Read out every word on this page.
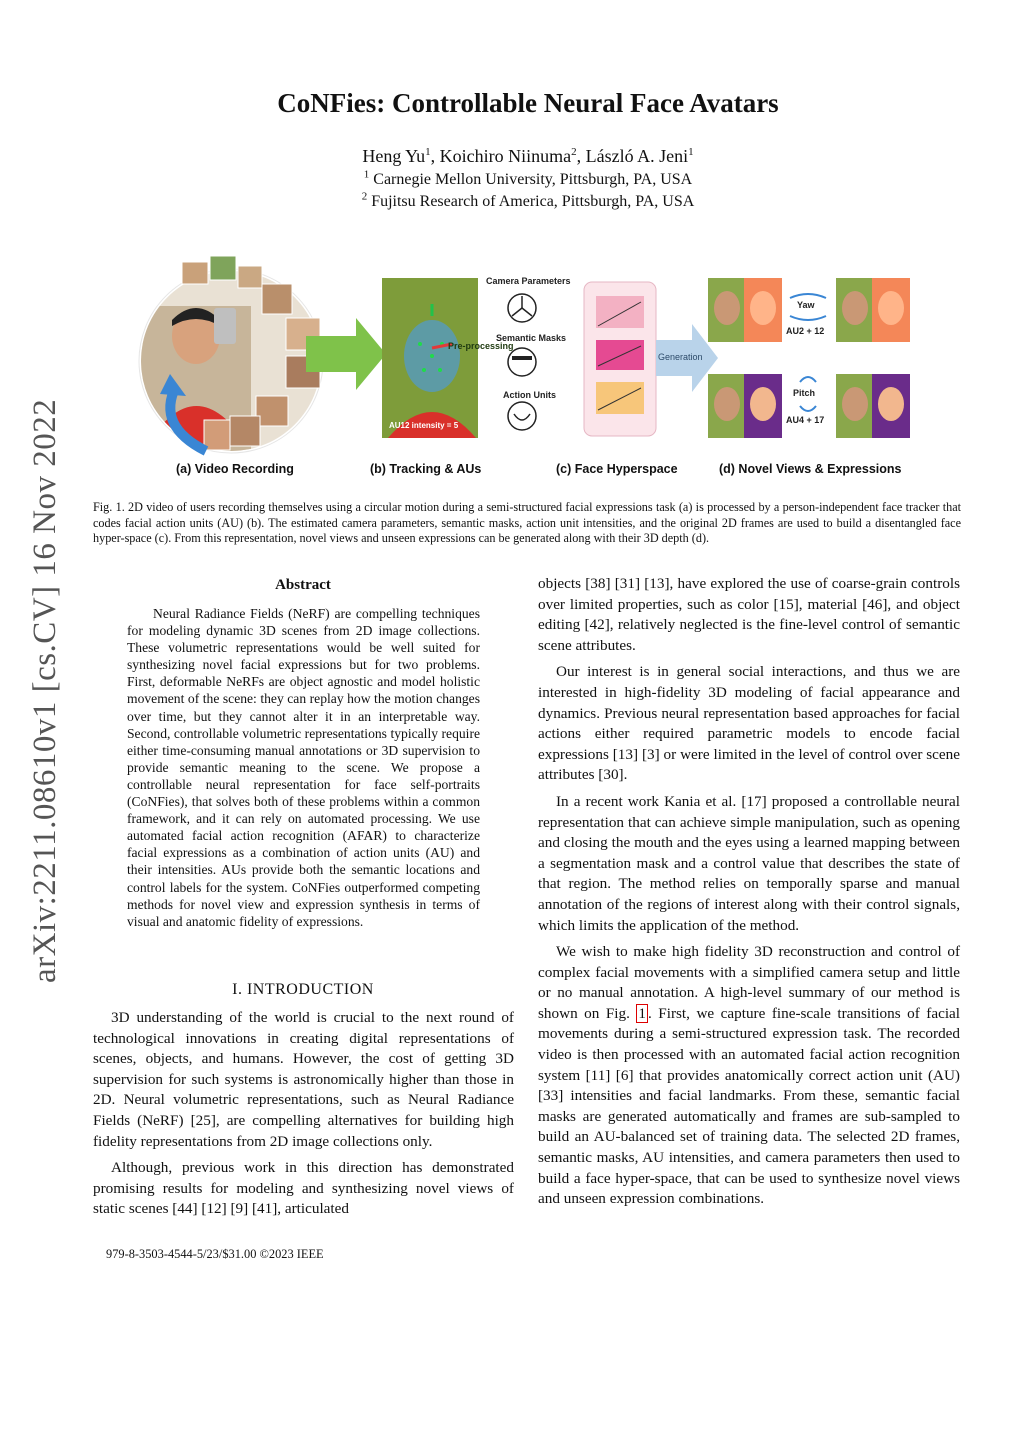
arXiv:2211.08610v1 [cs.CV] 16 Nov 2022
CoNFies: Controllable Neural Face Avatars
Heng Yu$^1$, Koichiro Niinuma$^2$, László A. Jeni$^1$
$^1$ Carnegie Mellon University, Pittsburgh, PA, USA
$^2$ Fujitsu Research of America, Pittsburgh, PA, USA
Pre-processing
Generation
Camera Parameters
Semantic Masks
Action Units
AU12 intensity = 5
Yaw
AU2 + 12
Pitch
AU4 + 17
(a) Video Recording	(b) Tracking & AUs	(c) Face Hyperspace	(d) Novel Views & Expressions
Fig. 1. 2D video of users recording themselves using a circular motion during a semi-structured facial expressions task (a) is processed by a person-independent face tracker that codes facial action units (AU) (b). The estimated camera parameters, semantic masks, action unit intensities, and the original 2D frames are used to build a disentangled face hyper-space (c). From this representation, novel views and unseen expressions can be generated along with their 3D depth (d).
Abstract

Neural Radiance Fields (NeRF) are compelling techniques for modeling dynamic 3D scenes from 2D image collections. These volumetric representations would be well suited for synthesizing novel facial expressions but for two problems. First, deformable NeRFs are object agnostic and model holistic movement of the scene: they can replay how the motion changes over time, but they cannot alter it in an interpretable way. Second, controllable volumetric representations typically require either time-consuming manual annotations or 3D supervision to provide semantic meaning to the scene. We propose a controllable neural representation for face self-portraits (CoNFies), that solves both of these problems within a common framework, and it can rely on automated processing. We use automated facial action recognition (AFAR) to characterize facial expressions as a combination of action units (AU) and their intensities. AUs provide both the semantic locations and control labels for the system. CoNFies outperformed competing methods for novel view and expression synthesis in terms of visual and anatomic fidelity of expressions.

I. INTRODUCTION

3D understanding of the world is crucial to the next round of technological innovations in creating digital representations of scenes, objects, and humans. However, the cost of getting 3D supervision for such systems is astronomically higher than those in 2D. Neural volumetric representations, such as Neural Radiance Fields (NeRF) [25], are compelling alternatives for building high fidelity representations from 2D image collections only.

Although, previous work in this direction has demonstrated promising results for modeling and synthesizing novel views of static scenes [44] [12] [9] [41], articulated

objects [38] [31] [13], have explored the use of coarse-grain controls over limited properties, such as color [15], material [46], and object editing [42], relatively neglected is the fine-level control of semantic scene attributes.

Our interest is in general social interactions, and thus we are interested in high-fidelity 3D modeling of facial appearance and dynamics. Previous neural representation based approaches for facial actions either required parametric models to encode facial expressions [13] [3] or were limited in the level of control over scene attributes [30].

In a recent work Kania et al. [17] proposed a controllable neural representation that can achieve simple manipulation, such as opening and closing the mouth and the eyes using a learned mapping between a segmentation mask and a control value that describes the state of that region. The method relies on temporally sparse and manual annotation of the regions of interest along with their control signals, which limits the application of the method.

We wish to make high fidelity 3D reconstruction and control of complex facial movements with a simplified camera setup and little or no manual annotation. A high-level summary of our method is shown on Fig. 1 . First, we capture fine-scale transitions of facial movements during a semi-structured expression task. The recorded video is then processed with an automated facial action recognition system [11] [6] that provides anatomically correct action unit (AU) [33] intensities and facial landmarks. From these, semantic facial masks are generated automatically and frames are sub-sampled to build an AU-balanced set of training data. The selected 2D frames, semantic masks, AU intensities, and camera parameters then used to build a face hyper-space, that can be used to synthesize novel views and unseen expression combinations.

979-8-3503-4544-5/23/$31.00 ©2023 IEEE
